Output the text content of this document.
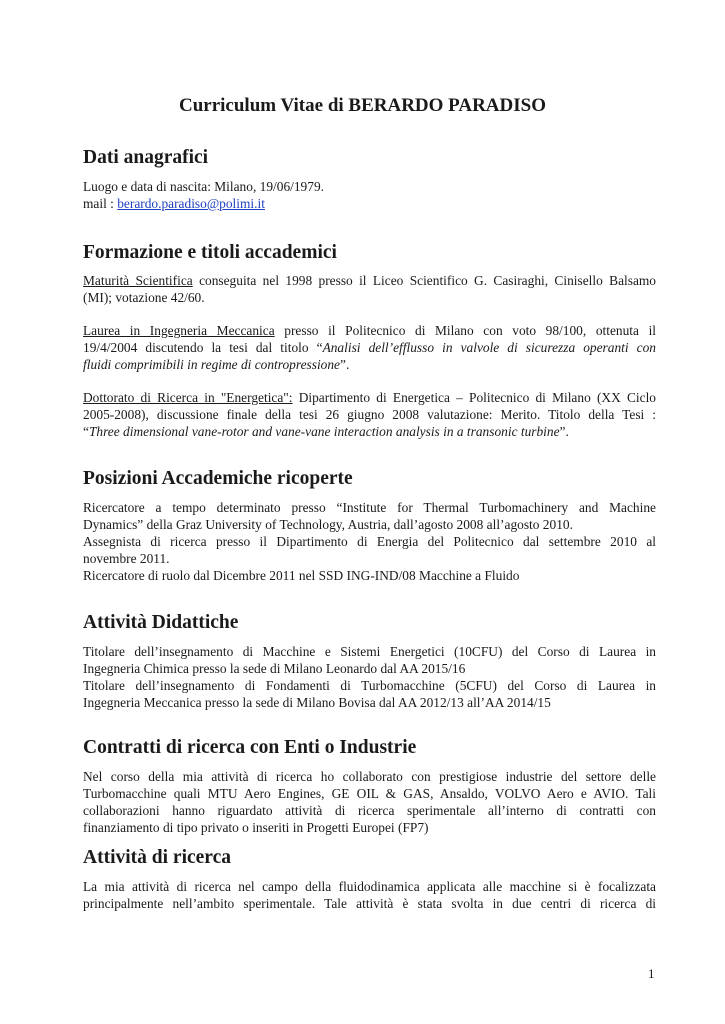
Curriculum Vitae di BERARDO PARADISO
Dati anagrafici
Luogo e data di nascita: Milano, 19/06/1979.
mail : berardo.paradiso@polimi.it
Formazione e titoli accademici
Maturità Scientifica conseguita nel 1998 presso il Liceo Scientifico G. Casiraghi, Cinisello Balsamo
(MI); votazione 42/60.
Laurea in Ingegneria Meccanica presso il Politecnico di Milano con voto 98/100, ottenuta il
19/4/2004 discutendo la tesi dal titolo “Analisi dell’efflusso in valvole di sicurezza operanti con
fluidi comprimibili in regime di contropressione”.
Dottorato di Ricerca in "Energetica": Dipartimento di Energetica – Politecnico di Milano (XX Ciclo
2005-2008), discussione finale della tesi 26 giugno 2008 valutazione: Merito. Titolo della Tesi :
“Three dimensional vane-rotor and vane-vane interaction analysis in a transonic turbine”.
Posizioni Accademiche ricoperte
Ricercatore a tempo determinato presso “Institute for Thermal Turbomachinery and Machine
Dynamics” della Graz University of Technology, Austria, dall’agosto 2008 all’agosto 2010.
Assegnista di ricerca presso il Dipartimento di Energia del Politecnico dal settembre 2010 al
novembre 2011.
Ricercatore di ruolo dal Dicembre 2011 nel SSD ING-IND/08 Macchine a Fluido
Attività Didattiche
Titolare dell’insegnamento di Macchine e Sistemi Energetici (10CFU) del Corso di Laurea in
Ingegneria Chimica presso la sede di Milano Leonardo dal AA 2015/16
Titolare dell’insegnamento di Fondamenti di Turbomacchine (5CFU) del Corso di Laurea in
Ingegneria Meccanica presso la sede di Milano Bovisa dal AA 2012/13 all’AA 2014/15
Contratti di ricerca con Enti o Industrie
Nel corso della mia attività di ricerca ho collaborato con prestigiose industrie del settore delle
Turbomacchine quali MTU Aero Engines, GE OIL & GAS, Ansaldo, VOLVO Aero e AVIO. Tali
collaborazioni hanno riguardato attività di ricerca sperimentale all’interno di contratti con
finanziamento di tipo privato o inseriti in Progetti Europei (FP7)
Attività di ricerca
La mia attività di ricerca nel campo della fluidodinamica applicata alle macchine si è focalizzata
principalmente nell’ambito sperimentale. Tale attività è stata svolta in due centri di ricerca di
1
